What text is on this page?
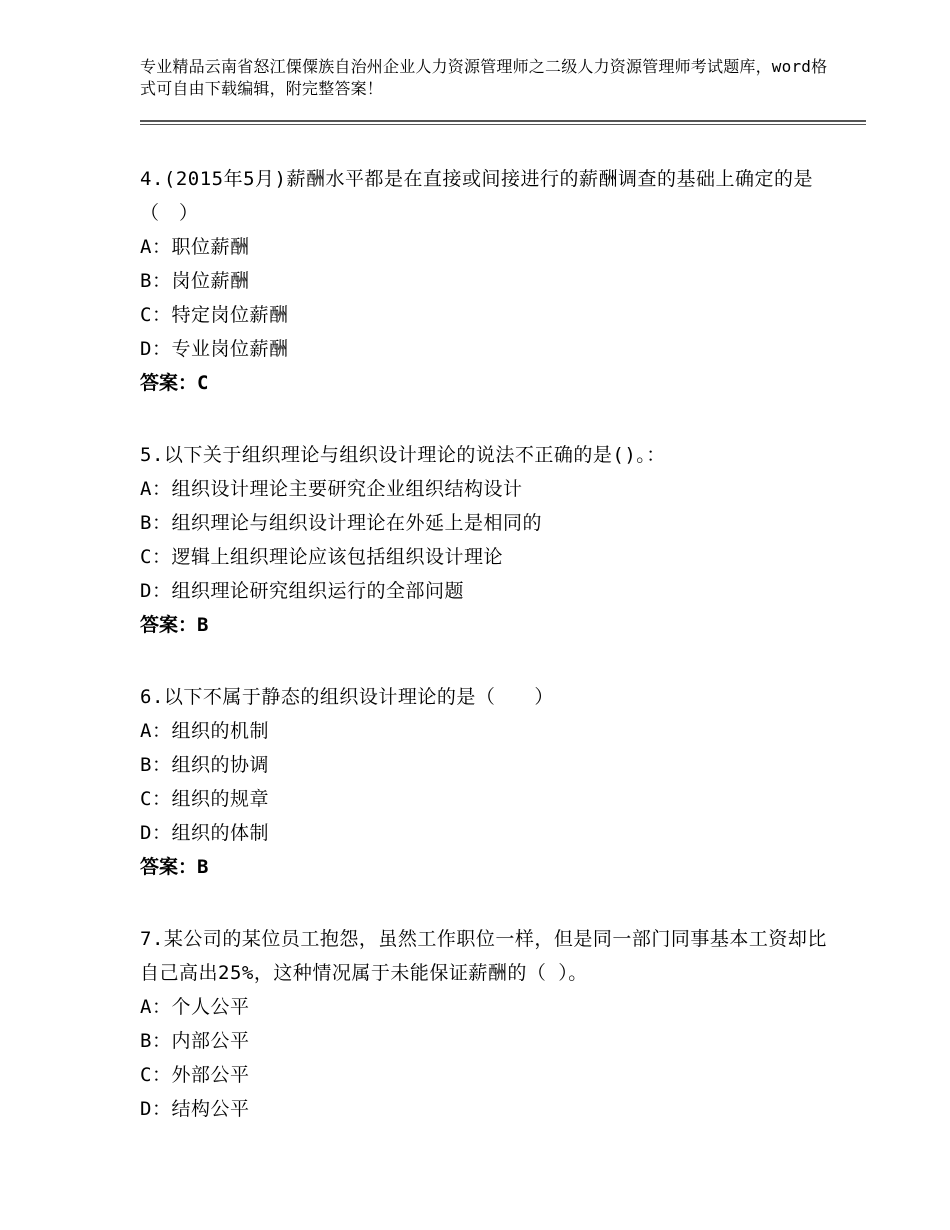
专业精品云南省怒江傈僳族自治州企业人力资源管理师之二级人力资源管理师考试题库，word格式可自由下载编辑，附完整答案！

4.(2015年5月)薪酬水平都是在直接或间接进行的薪酬调查的基础上确定的是（　）

A：职位薪酬

B：岗位薪酬

C：特定岗位薪酬

D：专业岗位薪酬

答案：C

5.以下关于组织理论与组织设计理论的说法不正确的是()。：

A：组织设计理论主要研究企业组织结构设计

B：组织理论与组织设计理论在外延上是相同的

C：逻辑上组织理论应该包括组织设计理论

D：组织理论研究组织运行的全部问题

答案：B

6.以下不属于静态的组织设计理论的是（　　）

A：组织的机制

B：组织的协调

C：组织的规章

D：组织的体制

答案：B

7.某公司的某位员工抱怨，虽然工作职位一样，但是同一部门同事基本工资却比自己高出25%，这种情况属于未能保证薪酬的（ ）。

A：个人公平

B：内部公平

C：外部公平

D：结构公平
